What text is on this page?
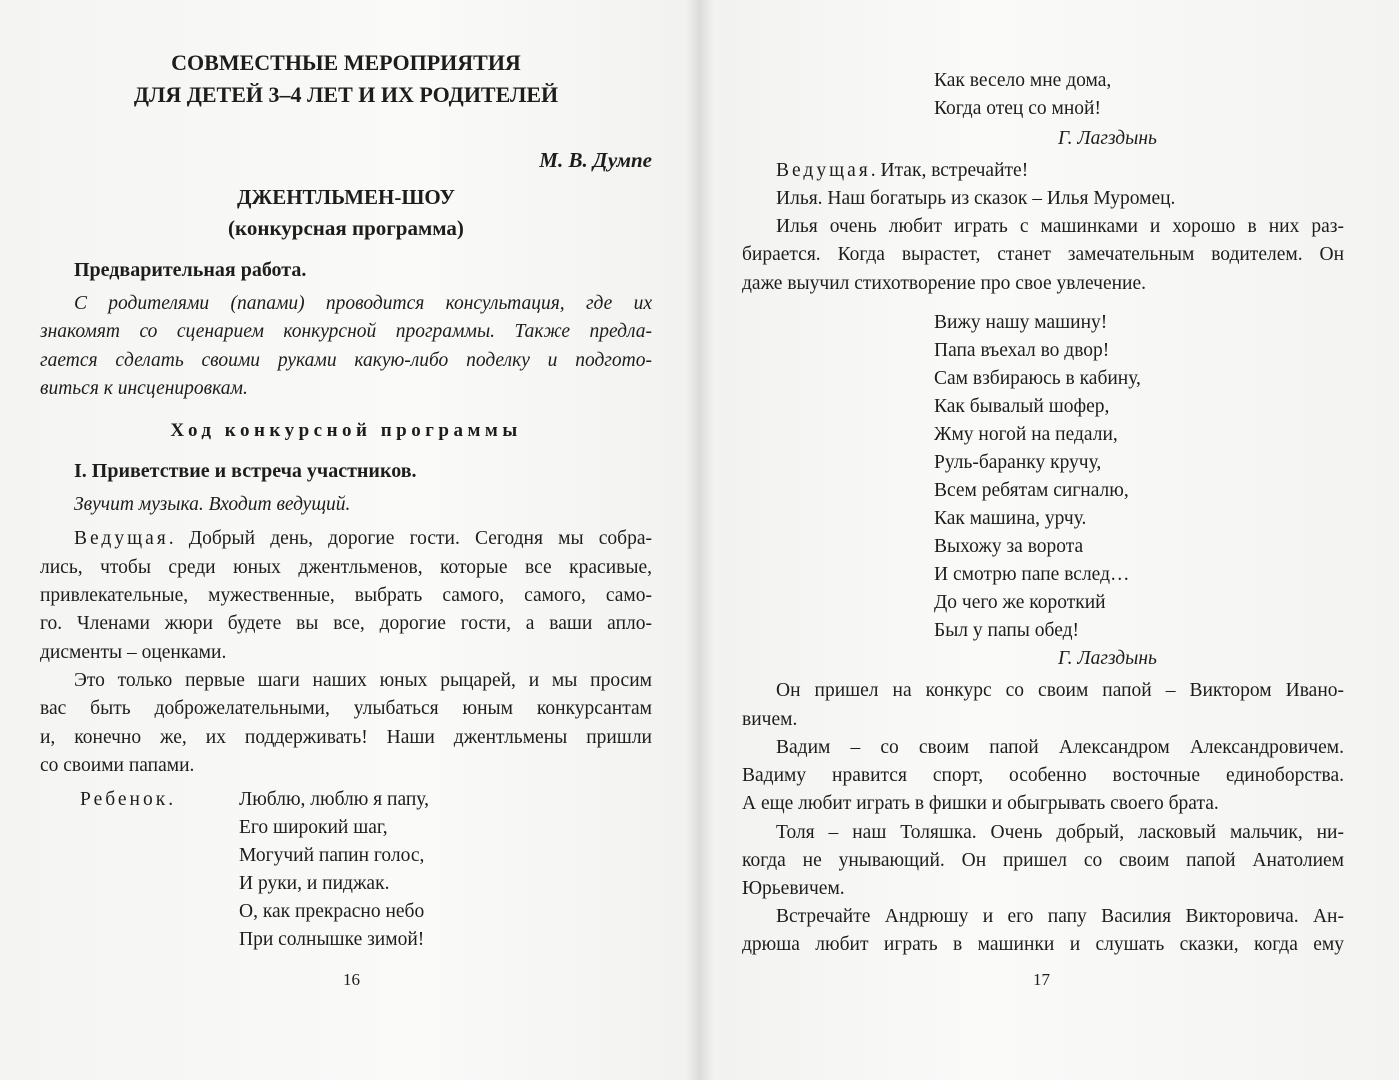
СОВМЕСТНЫЕ МЕРОПРИЯТИЯ
ДЛЯ ДЕТЕЙ 3–4 ЛЕТ И ИХ РОДИТЕЛЕЙ
М. В. Думпе
ДЖЕНТЛЬМЕН-ШОУ
(конкурсная программа)
Предварительная работа.
С родителями (папами) проводится консультация, где их
знакомят со сценарием конкурсной программы. Также предла-
гается сделать своими руками какую-либо поделку и подгото-
виться к инсценировкам.
Ход конкурсной программы
I. Приветствие и встреча участников.
Звучит музыка. Входит ведущий.
Ведущая. Добрый день, дорогие гости. Сегодня мы собра-
лись, чтобы среди юных джентльменов, которые все красивые,
привлекательные, мужественные, выбрать самого, самого, само-
го. Членами жюри будете вы все, дорогие гости, а ваши апло-
дисменты – оценками.
Это только первые шаги наших юных рыцарей, и мы просим
вас быть доброжелательными, улыбаться юным конкурсантам
и, конечно же, их поддерживать! Наши джентльмены пришли
со своими папами.
Ребенок.	Люблю, люблю я папу,
Его широкий шаг,
Могучий папин голос,
И руки, и пиджак.
О, как прекрасно небо
При солнышке зимой!
16
Как весело мне дома,
Когда отец со мной!
Г. Лагздынь
Ведущая. Итак, встречайте!
Илья. Наш богатырь из сказок – Илья Муромец.
Илья очень любит играть с машинками и хорошо в них раз-
бирается. Когда вырастет, станет замечательным водителем. Он
даже выучил стихотворение про свое увлечение.
Вижу нашу машину!
Папа въехал во двор!
Сам взбираюсь в кабину,
Как бывалый шофер,
Жму ногой на педали,
Руль-баранку кручу,
Всем ребятам сигналю,
Как машина, урчу.
Выхожу за ворота
И смотрю папе вслед…
До чего же короткий
Был у папы обед!
Г. Лагздынь
Он пришел на конкурс со своим папой – Виктором Ивано-
вичем.
Вадим – со своим папой Александром Александровичем.
Вадиму нравится спорт, особенно восточные единоборства.
А еще любит играть в фишки и обыгрывать своего брата.
Толя – наш Толяшка. Очень добрый, ласковый мальчик, ни-
когда не унывающий. Он пришел со своим папой Анатолием
Юрьевичем.
Встречайте Андрюшу и его папу Василия Викторовича. Ан-
дрюша любит играть в машинки и слушать сказки, когда ему
17
